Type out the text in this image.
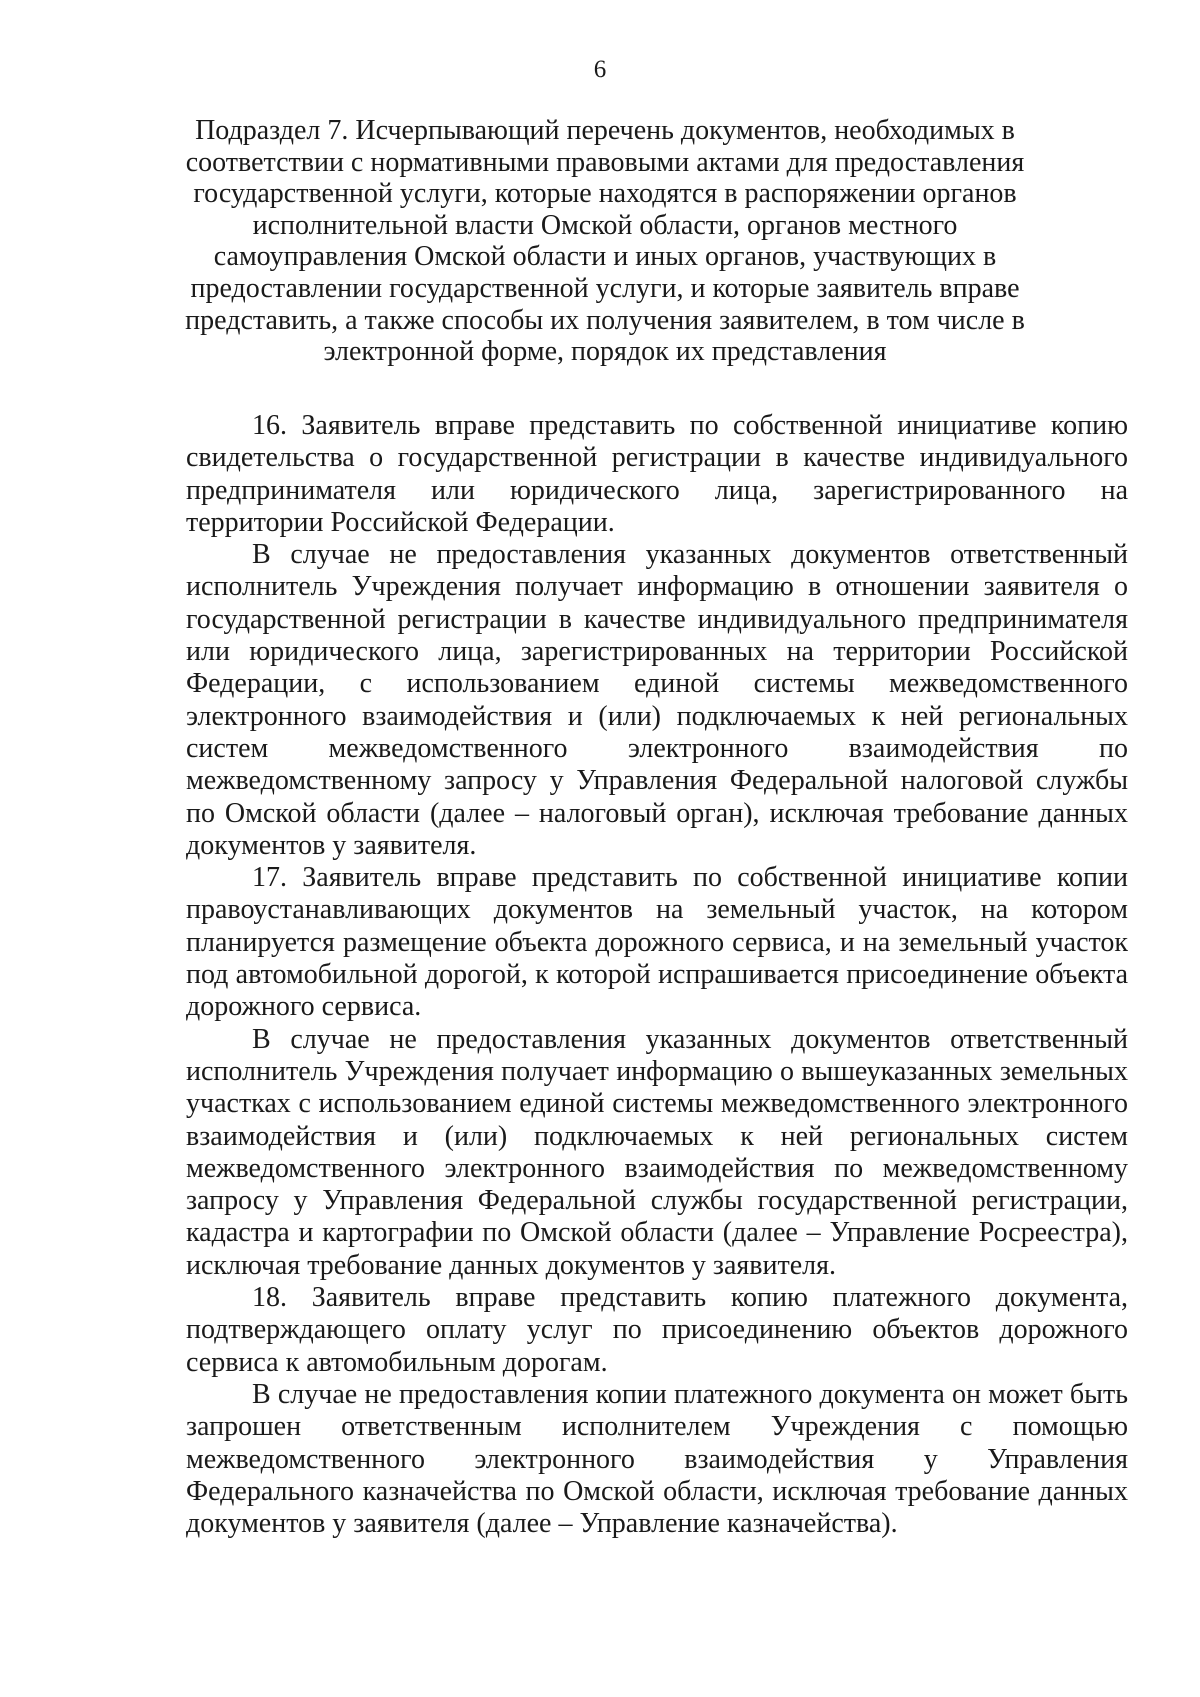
6
Подраздел 7. Исчерпывающий перечень документов, необходимых в соответствии с нормативными правовыми актами для предоставления государственной услуги, которые находятся в распоряжении органов исполнительной власти Омской области, органов местного самоуправления Омской области и иных органов, участвующих в предоставлении государственной услуги, и которые заявитель вправе представить, а также способы их получения заявителем, в том числе в электронной форме, порядок их представления

16. Заявитель вправе представить по собственной инициативе копию свидетельства о государственной регистрации в качестве индивидуального предпринимателя или юридического лица, зарегистрированного на территории Российской Федерации.

В случае не предоставления указанных документов ответственный исполнитель Учреждения получает информацию в отношении заявителя о государственной регистрации в качестве индивидуального предпринимателя или юридического лица, зарегистрированных на территории Российской Федерации, с использованием единой системы межведомственного электронного взаимодействия и (или) подключаемых к ней региональных систем межведомственного электронного взаимодействия по межведомственному запросу у Управления Федеральной налоговой службы по Омской области (далее – налоговый орган), исключая требование данных документов у заявителя.

17. Заявитель вправе представить по собственной инициативе копии правоустанавливающих документов на земельный участок, на котором планируется размещение объекта дорожного сервиса, и на земельный участок под автомобильной дорогой, к которой испрашивается присоединение объекта дорожного сервиса.

В случае не предоставления указанных документов ответственный исполнитель Учреждения получает информацию о вышеуказанных земельных участках с использованием единой системы межведомственного электронного взаимодействия и (или) подключаемых к ней региональных систем межведомственного электронного взаимодействия по межведомственному запросу у Управления Федеральной службы государственной регистрации, кадастра и картографии по Омской области (далее – Управление Росреестра), исключая требование данных документов у заявителя.

18. Заявитель вправе представить копию платежного документа, подтверждающего оплату услуг по присоединению объектов дорожного сервиса к автомобильным дорогам.

В случае не предоставления копии платежного документа он может быть запрошен ответственным исполнителем Учреждения с помощью межведомственного электронного взаимодействия у Управления Федерального казначейства по Омской области, исключая требование данных документов у заявителя (далее – Управление казначейства).
